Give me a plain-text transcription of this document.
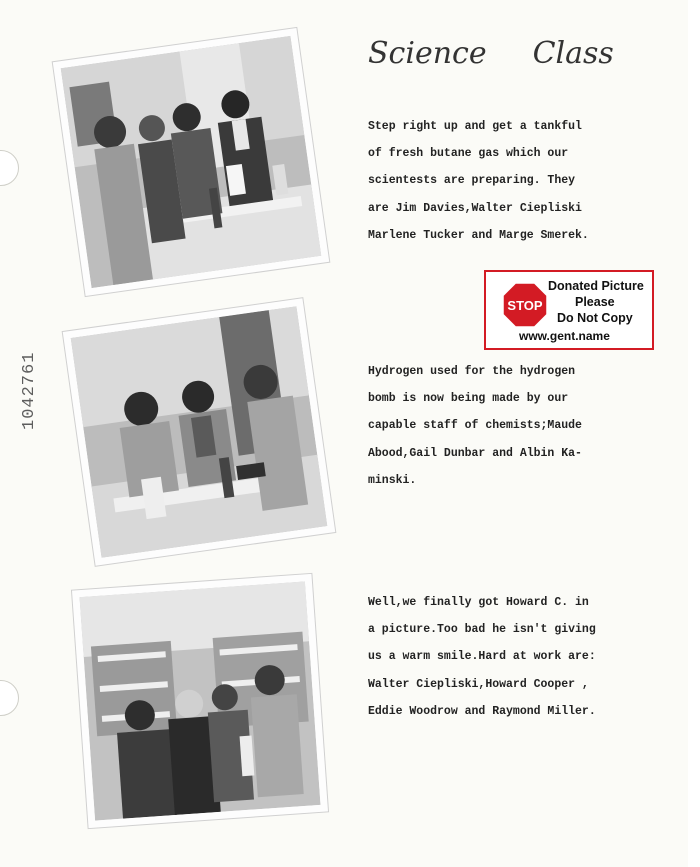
1042761
Science Class

Step right up and get a tankful
of fresh butane gas which our
scientests are preparing. They
are Jim Davies,Walter Ciepliski
Marlene Tucker and Marge Smerek.

Hydrogen used for the hydrogen
bomb is now being made by our
capable staff of chemists;Maude
Abood,Gail Dunbar and Albin Ka-
minski.

Well,we finally got Howard C. in
a picture.Too bad he isn't giving
us a warm smile.Hard at work are:
Walter Ciepliski,Howard Cooper ,
Eddie Woodrow and Raymond Miller.

STOP
Donated Picture
Please
Do Not Copy
www.gent.name
